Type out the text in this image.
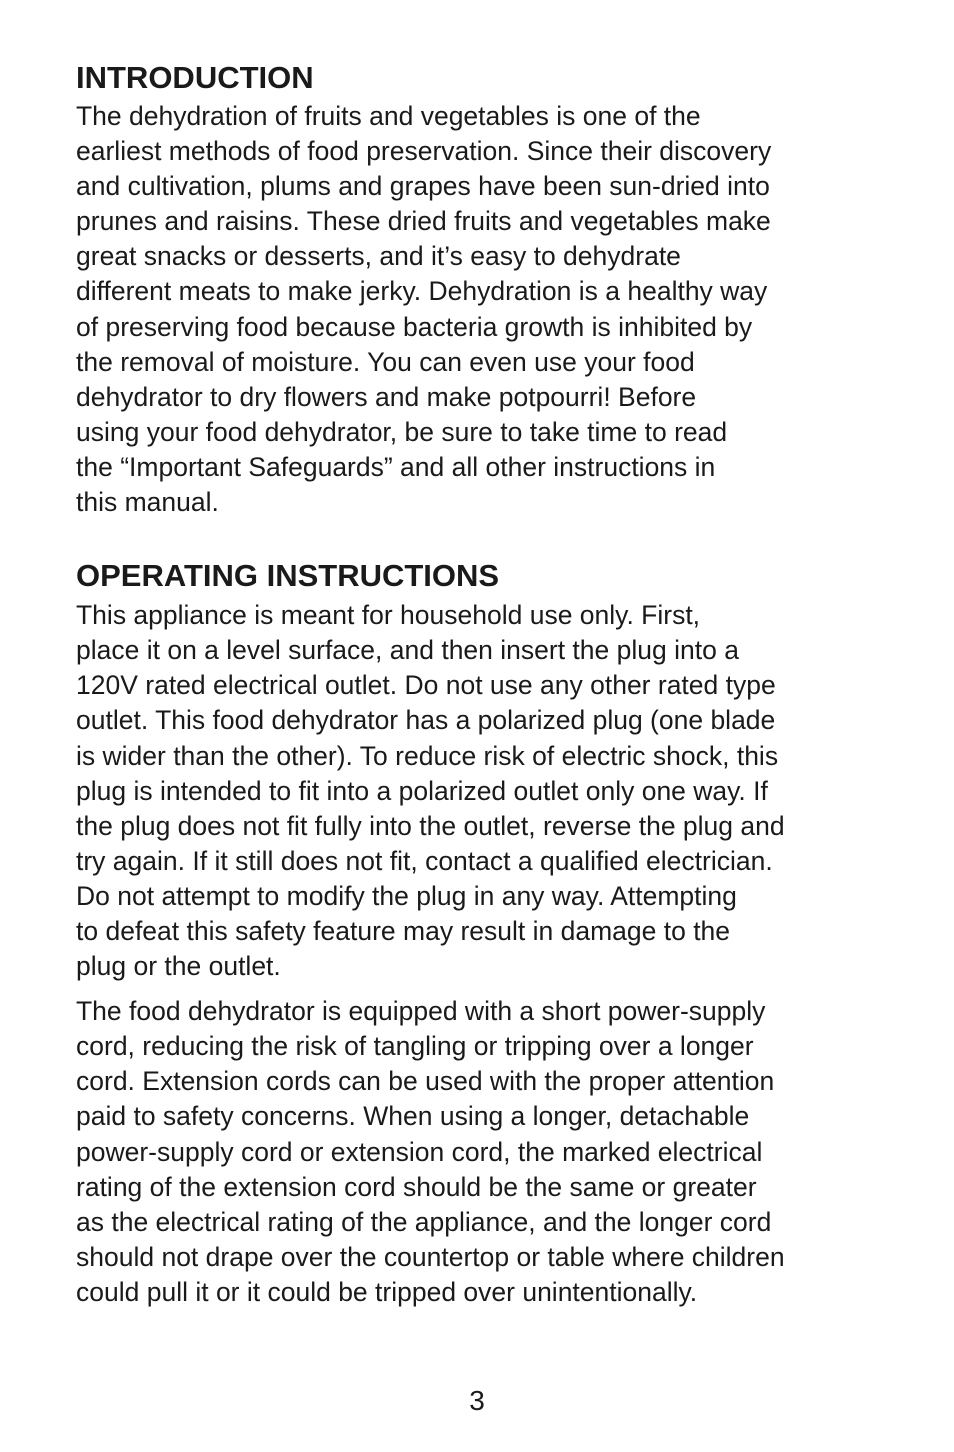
INTRODUCTION
The dehydration of fruits and vegetables is one of the
earliest methods of food preservation. Since their discovery
and cultivation, plums and grapes have been sun-dried into
prunes and raisins. These dried fruits and vegetables make
great snacks or desserts, and it’s easy to dehydrate
different meats to make jerky. Dehydration is a healthy way
of preserving food because bacteria growth is inhibited by
the removal of moisture. You can even use your food
dehydrator to dry flowers and make potpourri! Before
using your food dehydrator, be sure to take time to read
the “Important Safeguards” and all other instructions in
this manual.
OPERATING INSTRUCTIONS
This appliance is meant for household use only. First,
place it on a level surface, and then insert the plug into a
120V rated electrical outlet. Do not use any other rated type
outlet. This food dehydrator has a polarized plug (one blade
is wider than the other). To reduce risk of electric shock, this
plug is intended to fit into a polarized outlet only one way. If
the plug does not fit fully into the outlet, reverse the plug and
try again. If it still does not fit, contact a qualified electrician.
Do not attempt to modify the plug in any way. Attempting
to defeat this safety feature may result in damage to the
plug or the outlet.
The food dehydrator is equipped with a short power-supply
cord, reducing the risk of tangling or tripping over a longer
cord. Extension cords can be used with the proper attention
paid to safety concerns. When using a longer, detachable
power-supply cord or extension cord, the marked electrical
rating of the extension cord should be the same or greater
as the electrical rating of the appliance, and the longer cord
should not drape over the countertop or table where children
could pull it or it could be tripped over unintentionally.
3
